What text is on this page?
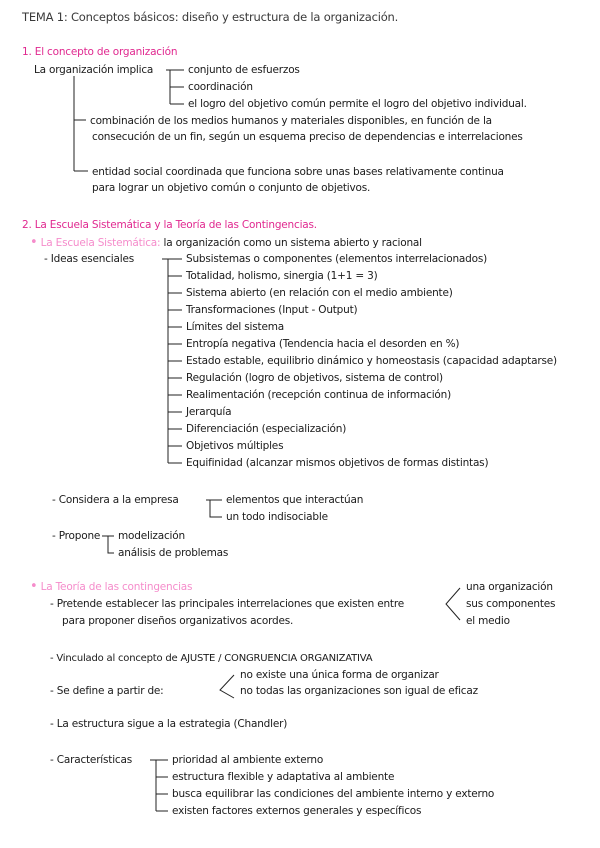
TEMA 1: Conceptos básicos: diseño y estructura de la organización.
1. El concepto de organización
La organización implica	conjunto de esfuerzos
coordinación
el logro del objetivo común permite el logro del objetivo individual.
combinación de los medios humanos y materiales disponibles, en función de la
consecución de un fin, según un esquema preciso de dependencias e interrelaciones
entidad social coordinada que funciona sobre unas bases relativamente continua
para lograr un objetivo común o conjunto de objetivos.
2. La Escuela Sistemática y la Teoría de las Contingencias.
• La Escuela Sistemática: la organización como un sistema abierto y racional
- Ideas esenciales	Subsistemas o componentes (elementos interrelacionados)
Totalidad, holismo, sinergia (1+1 = 3)
Sistema abierto (en relación con el medio ambiente)
Transformaciones (Input - Output)
Límites del sistema
Entropía negativa (Tendencia hacia el desorden en %)
Estado estable, equilibrio dinámico y homeostasis (capacidad adaptarse)
Regulación (logro de objetivos, sistema de control)
Realimentación (recepción continua de información)
Jerarquía
Diferenciación (especialización)
Objetivos múltiples
Equifinidad (alcanzar mismos objetivos de formas distintas)
- Considera a la empresa	elementos que interactúan
un todo indisociable
- Propone modelización
análisis de problemas
• La Teoría de las contingencias
- Pretende establecer las principales interrelaciones que existen entre
para proponer diseños organizativos acordes.
una organización
sus componentes
el medio
- Vinculado al concepto de AJUSTE / CONGRUENCIA ORGANIZATIVA
- Se define a partir de:
no existe una única forma de organizar
no todas las organizaciones son igual de eficaz
- La estructura sigue a la estrategia (Chandler)
- Características	prioridad al ambiente externo
estructura flexible y adaptativa al ambiente
busca equilibrar las condiciones del ambiente interno y externo
existen factores externos generales y específicos
